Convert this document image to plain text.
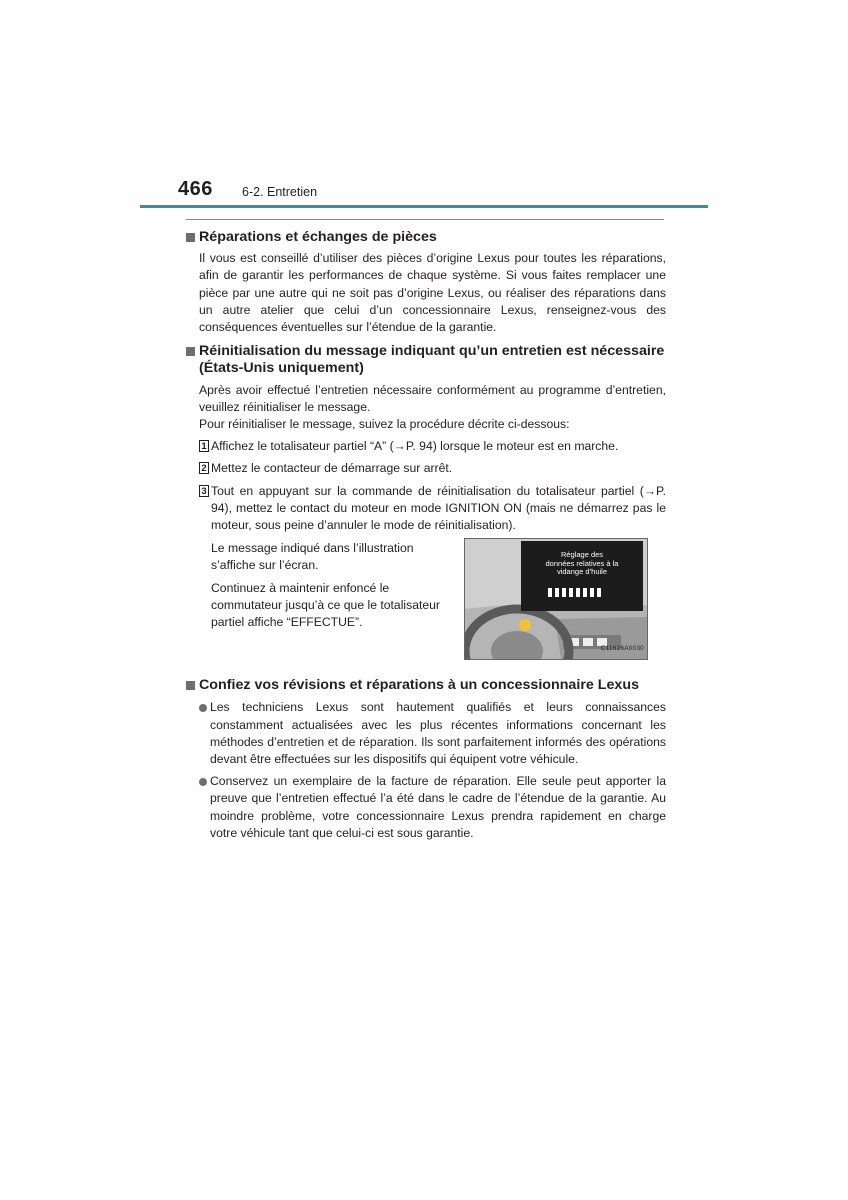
466 6-2. Entretien
Réparations et échanges de pièces

Il vous est conseillé d’utiliser des pièces d’origine Lexus pour toutes les réparations, afin de garantir les performances de chaque système. Si vous faites remplacer une pièce par une autre qui ne soit pas d’origine Lexus, ou réaliser des réparations dans un autre atelier que celui d’un concessionnaire Lexus, renseignez-vous des conséquences éventuelles sur l’étendue de la garantie.

Réinitialisation du message indiquant qu’un entretien est nécessaire (États-Unis uniquement)

Après avoir effectué l’entretien nécessaire conformément au programme d’entretien, veuillez réinitialiser le message.

Pour réinitialiser le message, suivez la procédure décrite ci-dessous:

1 Affichez le totalisateur partiel “A” (→P. 94) lorsque le moteur est en marche.
2 Mettez le contacteur de démarrage sur arrêt.
3 Tout en appuyant sur la commande de réinitialisation du totalisateur partiel (→P. 94), mettez le contact du moteur en mode IGNITION ON (mais ne démarrez pas le moteur, sous peine d’annuler le mode de réinitialisation).

Le message indiqué dans l’illustration s’affiche sur l’écran.

Continuez à maintenir enfoncé le commutateur jusqu’à ce que le totalisateur partiel affiche “EFFECTUE”.

Réglage des
données relatives à la
vidange d’huile
C11626A0030
Confiez vos révisions et réparations à un concessionnaire Lexus
Les techniciens Lexus sont hautement qualifiés et leurs connaissances constamment actualisées avec les plus récentes informations concernant les méthodes d’entretien et de réparation. Ils sont parfaitement informés des opérations devant être effectuées sur les dispositifs qui équipent votre véhicule.
Conservez un exemplaire de la facture de réparation. Elle seule peut apporter la preuve que l’entretien effectué l’a été dans le cadre de l’étendue de la garantie. Au moindre problème, votre concessionnaire Lexus prendra rapidement en charge votre véhicule tant que celui-ci est sous garantie.
